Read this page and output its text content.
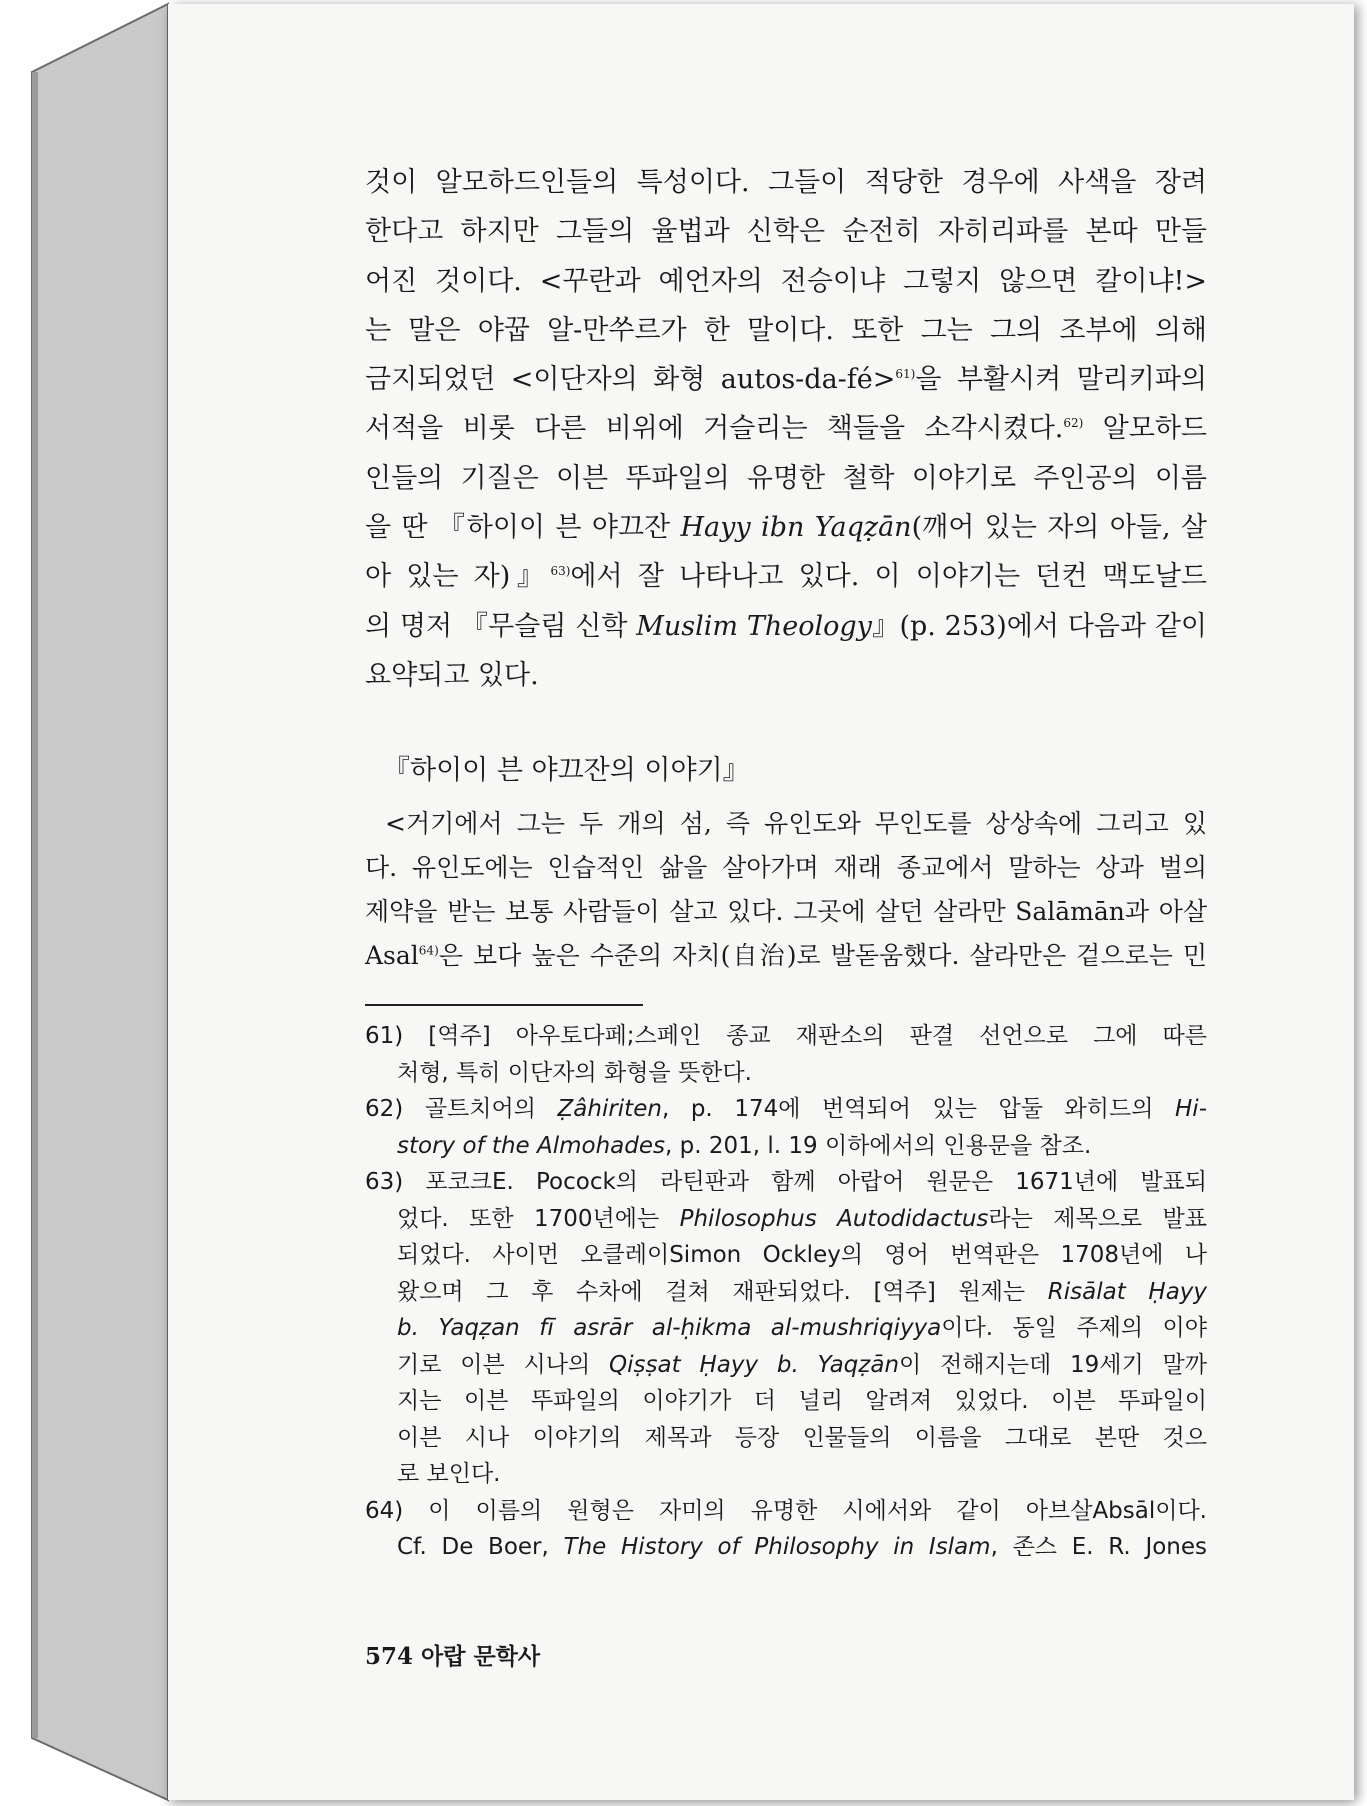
것이 알모하드인들의 특성이다. 그들이 적당한 경우에 사색을 장려
한다고 하지만 그들의 율법과 신학은 순전히 자히리파를 본따 만들
어진 것이다. <꾸란과 예언자의 전승이냐 그렇지 않으면 칼이냐!>
는 말은 야꿉 알-만쑤르가 한 말이다. 또한 그는 그의 조부에 의해
금지되었던 <이단자의 화형 autos-da-fé>$^{61)}$을 부활시켜 말리키파의
서적을 비롯 다른 비위에 거슬리는 책들을 소각시켰다.$^{62)}$ 알모하드
인들의 기질은 이븐 뚜파일의 유명한 철학 이야기로 주인공의 이름
을 딴 『하이이 븐 야끄잔 Hayy ibn Yaqẓān(깨어 있는 자의 아들, 살
아 있는 자)』$^{63)}$에서 잘 나타나고 있다. 이 이야기는 던컨 맥도날드
의 명저 『무슬림 신학 Muslim Theology』(p. 253)에서 다음과 같이
요약되고 있다.
『하이이 븐 야끄잔의 이야기』
<거기에서 그는 두 개의 섬, 즉 유인도와 무인도를 상상속에 그리고 있
다. 유인도에는 인습적인 삶을 살아가며 재래 종교에서 말하는 상과 벌의
제약을 받는 보통 사람들이 살고 있다. 그곳에 살던 살라만 Salāmān과 아살
Asal$^{64)}$은 보다 높은 수준의 자치(自治)로 발돋움했다. 살라만은 겉으로는 민
61) [역주] 아우토다페;스페인 종교 재판소의 판결 선언으로 그에 따른
처형, 특히 이단자의 화형을 뜻한다.
62) 골트치어의 Ẓâhiriten, p. 174에 번역되어 있는 압둘 와히드의 Hi-
story of the Almohades, p. 201, l. 19 이하에서의 인용문을 참조.
63) 포코크E. Pocock의 라틴판과 함께 아랍어 원문은 1671년에 발표되
었다. 또한 1700년에는 Philosophus Autodidactus라는 제목으로 발표
되었다. 사이먼 오클레이Simon Ockley의 영어 번역판은 1708년에 나
왔으며 그 후 수차에 걸쳐 재판되었다. [역주] 원제는 Risālat Ḥayy
b. Yaqẓan fī asrār al-ḥikma al-mushriqiyya이다. 동일 주제의 이야
기로 이븐 시나의 Qiṣṣat Ḥayy b. Yaqẓān이 전해지는데 19세기 말까
지는 이븐 뚜파일의 이야기가 더 널리 알려져 있었다. 이븐 뚜파일이
이븐 시나 이야기의 제목과 등장 인물들의 이름을 그대로 본딴 것으
로 보인다.
64) 이 이름의 원형은 자미의 유명한 시에서와 같이 아브살Absāl이다.
Cf. De Boer, The History of Philosophy in Islam, 존스 E. R. Jones
574 아랍 문학사
